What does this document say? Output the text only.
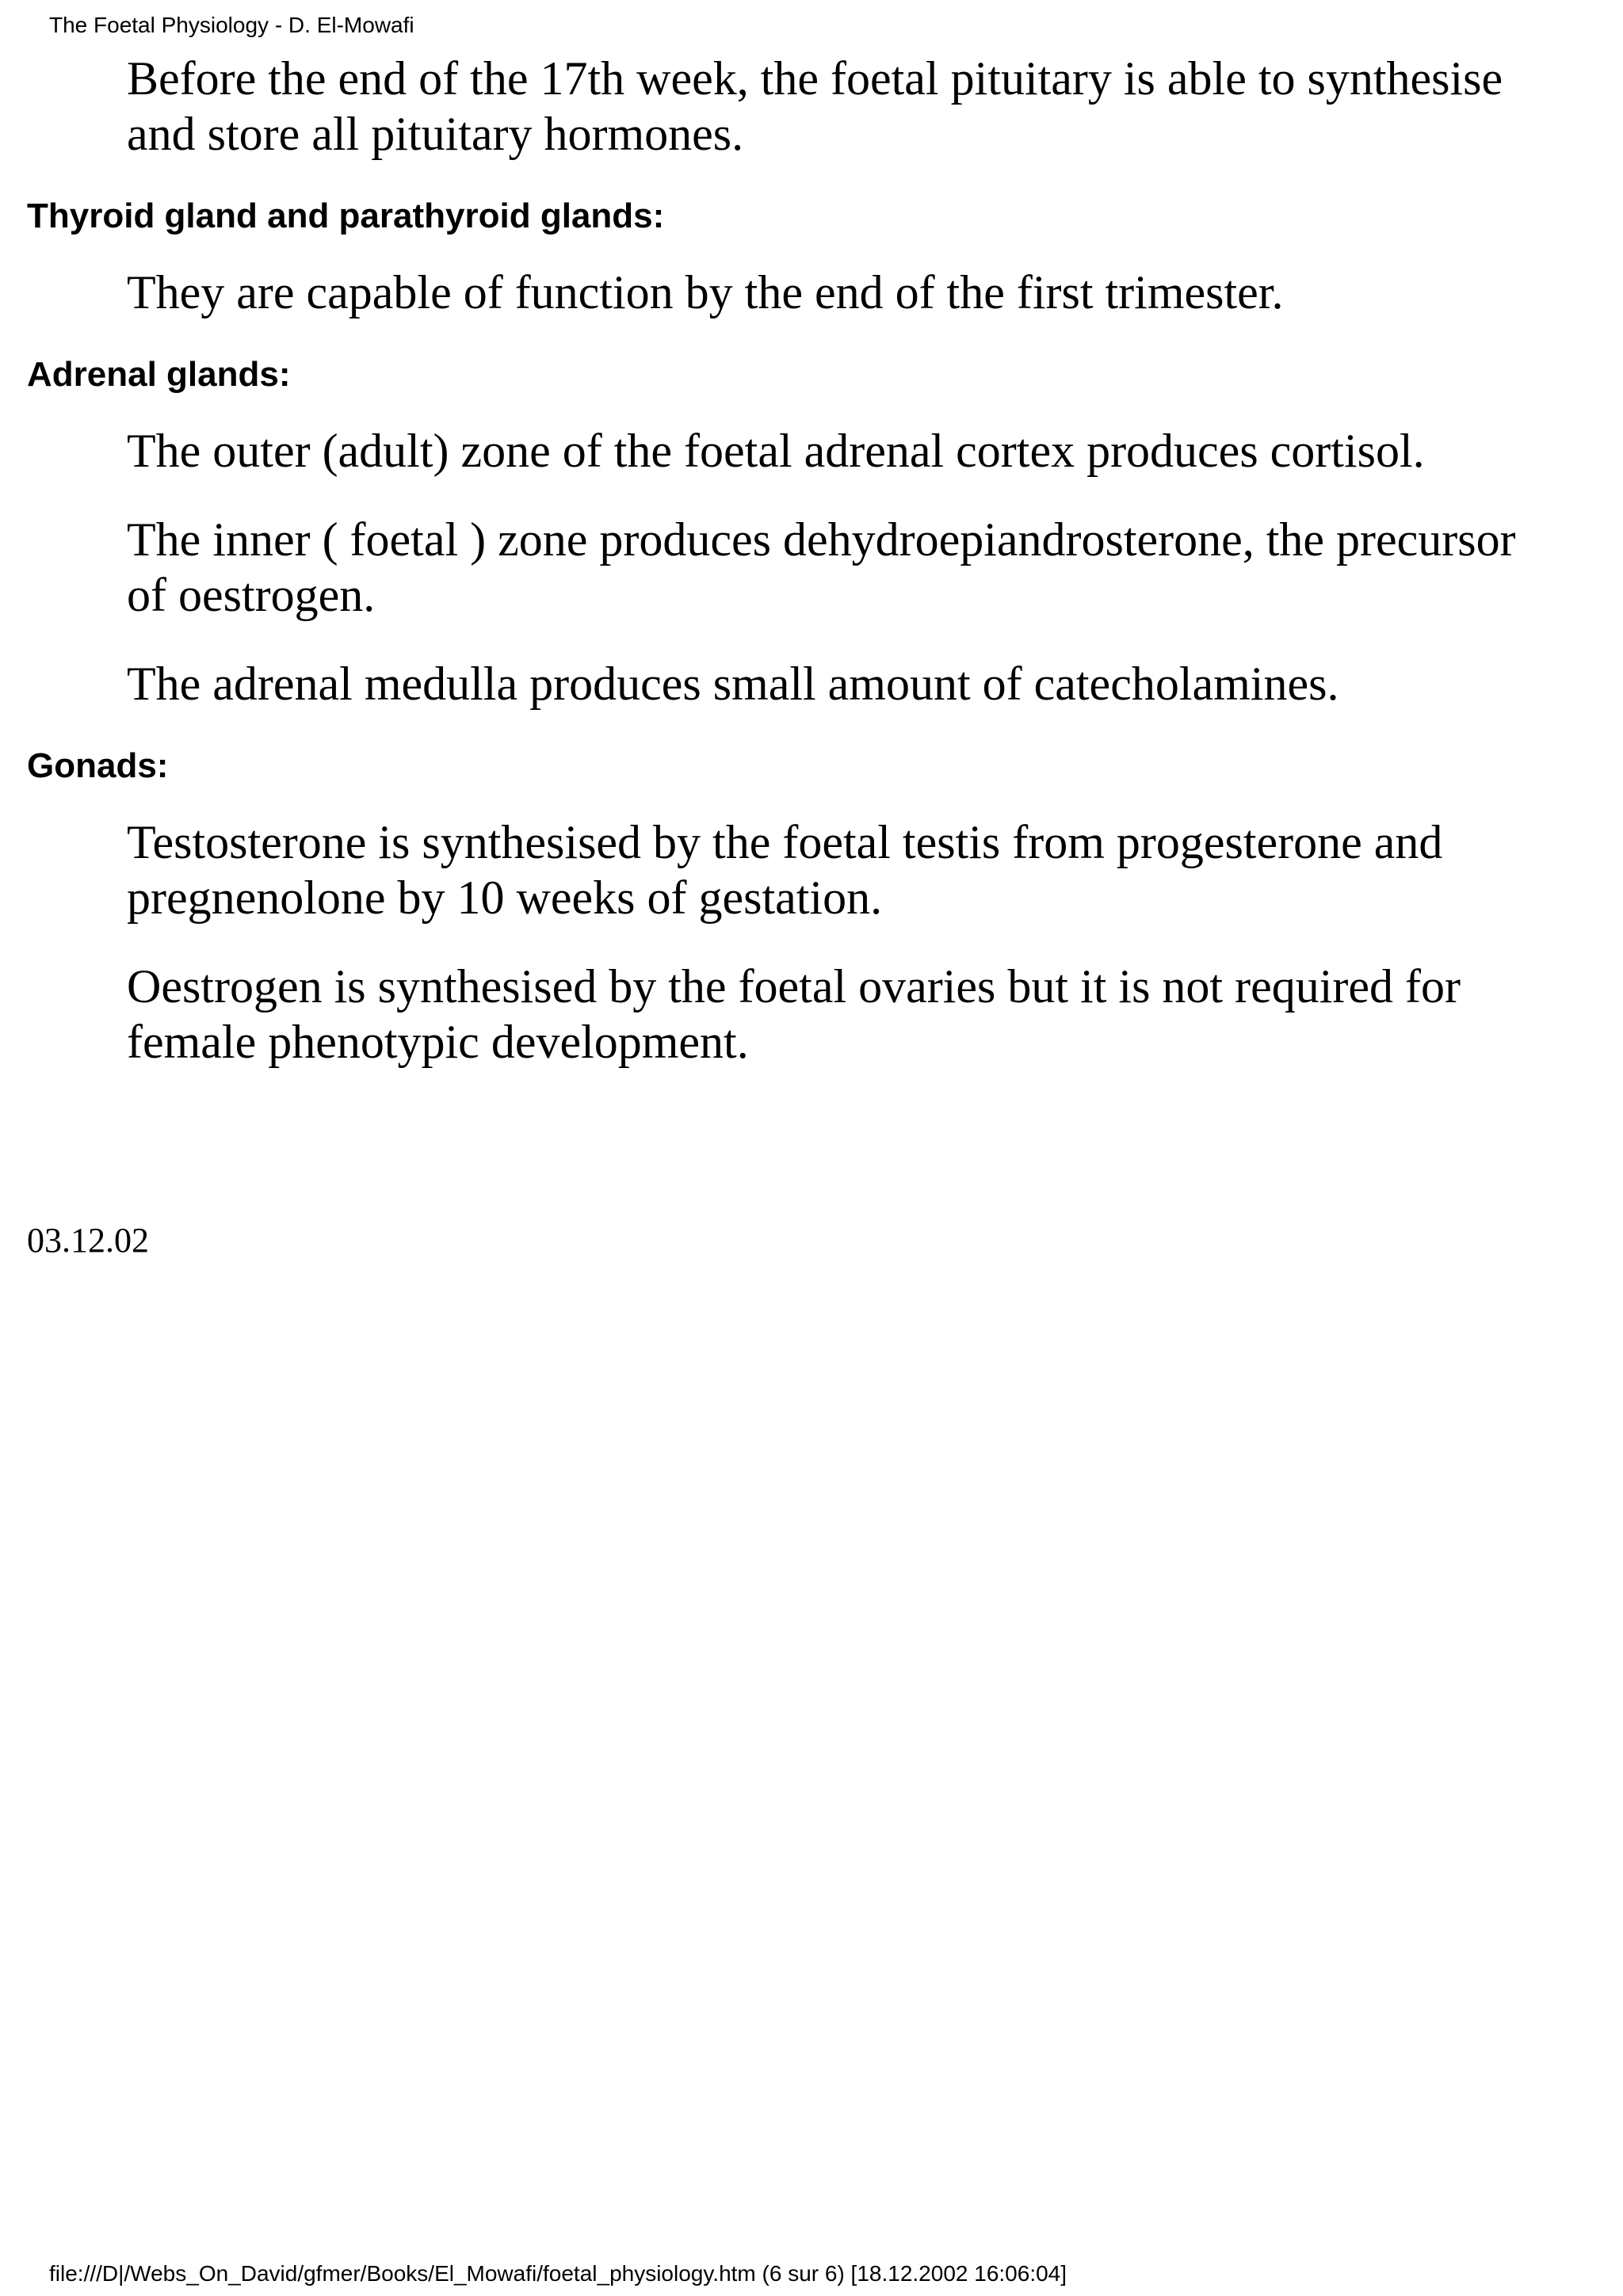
The Foetal Physiology - D. El-Mowafi

Before the end of the 17th week, the foetal pituitary is able to synthesise and store all pituitary hormones.

Thyroid gland and parathyroid glands:

They are capable of function by the end of the first trimester.

Adrenal glands:

The outer (adult) zone of the foetal adrenal cortex produces cortisol.

The inner ( foetal ) zone produces dehydroepiandrosterone, the precursor of oestrogen.

The adrenal medulla produces small amount of catecholamines.

Gonads:

Testosterone is synthesised by the foetal testis from progesterone and pregnenolone by 10 weeks of gestation.

Oestrogen is synthesised by the foetal ovaries but it is not required for female phenotypic development.

03.12.02
file:///D|/Webs_On_David/gfmer/Books/El_Mowafi/foetal_physiology.htm (6 sur 6) [18.12.2002 16:06:04]
